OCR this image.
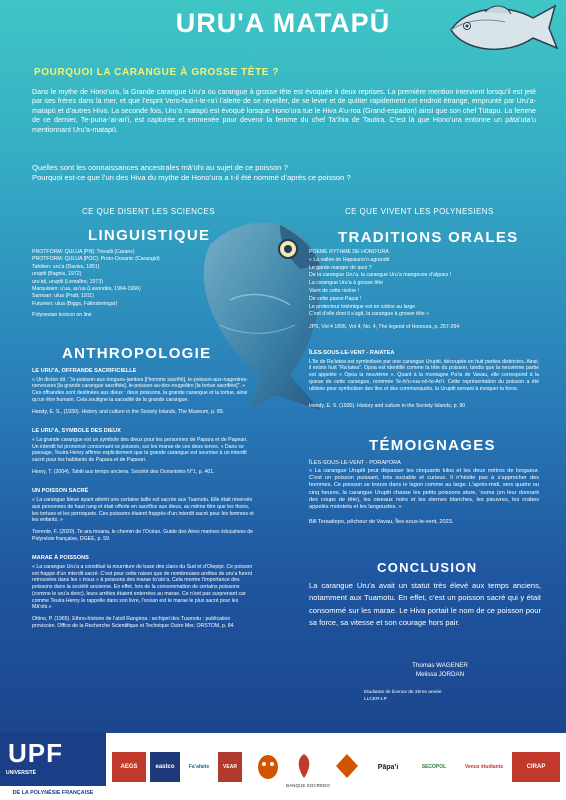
URU'A MATAPŪ
POURQUOI LA CARANGUE À GROSSE TÊTE ?
Dans le mythe de Hono’ura, la Grande carangue Uru’a ou carangue à grosse tête est évoquée à deux reprises. La première mention intervient lorsqu’il est jeté par ses frères dans la mer, et que l’esprit Vero-huti-i-te-ra’i l’alerte de se réveiller, de se lever et de quitter rapidement cet endroit étrange, emprunté par Uru’a-matapū et d’autres Hiva. La seconde fois, Uru’a matapū est évoqué lorsque Hono’ura tue le Hiva A’u-roa (Grand-espadon) ainsi que son chef Tūtapu. La femme de ce dernier, Te-puna-’ai-ari’i, est capturée et emmenée pour devenir la femme du chef Ta’ihia de Tautira. C’est là que Hono’ura entonne un pāta’uta’u mentionnant Uru’a-matapū.
Quelles sont les connaissances ancestrales mā’ohi au sujet de ce poisson ?
Pourquoi est-ce que l’un des Hiva du mythe de Hono’ura a t-il été nommé d’après ce poisson ?
CE QUE DISENT LES SCIENCES
LINGUISTIQUE
PROTFORM: QULUA [PN]: Trevalli (Caranx)
PROTFORM: QULUA [POC]: Proto-Oceanic (Carangid)
Tahitien: uru’a (Davies, 1851)
urupiti (Bagnis, 1972)
uru’ati, urupiti (Lemaître, 1973)
Marquisien: u’ua, au’ua (Lavondès, 1964-1966)
Samoan: ulua (Pratt, 1911)
Futunien: ulua (Biggs, Fältnsteringar)
Polynesian lexicon on line
ANTHROPOLOGIE
LE URU’A, OFFRANDE SACRIFICIELLE

« Un dicton dit : “le-poisson-aux-longues-jambes [l’homme sacrifié], le-poisson-aux-nageoires-nerveuses [la grande carangue sacrifiée], le-poisson-au-dos-rougeâtre [la tortue sacrifiée]”. » Ces offrandes sont destinées aux dieux : deux poissons, la grande carangue et la tortue, ainsi qu’un être humain. Cela souligne la sacralité de la grande carangue.

Handy, E. S., (1930). History and culture in the Society Islands, The Museum, p. 89.

LE URU’A, SYMBOLE DES DIEUX

« La grande carangue est un symbole des dieux pour les personnes de Papara et de Papeari. Un interdit fut prononcé concernant ce poisson, sur les marae de ces deux terres. » Dans ce passage, Teuira Henry affirme explicitement que la grande carangue est soumise à un interdit sacré pour les habitants de Papara et de Papeari.

Henry, T. (2004). Tahiti aux temps anciens. Société des Océanistes N°1, p. 401.

UN POISSON SACRÉ

« La carangue bleue ayant atteint une certaine taille est sacrée aux Tuamotu. Elle était réservée aux personnes de haut rang et était offerte en sacrifice aux dieux, au même titre que les thons, les tortues et les perroquets. Ces poissons étaient frappés d’un interdit sacré pour les femmes et les enfants. »

Torrente, F. (2020). Te ara moana, le chemin de l’Océan. Guide des Aires marines éducatives de Polynésie française, DGEE, p. 59.

MARAE À POISSONS

« La carangue Uru’a a constitué la nourriture de base des clans du Sud et d’Otepipi. Ce poisson est frappé d’un interdit sacré. C’est pour cette raison que de nombreuses arrêtes de uru’a furent retrouvées dans les « trous » à poissons des marae to’ato’a. Cela montre l’importance des poissons dans la société ancienne. En effet, lors de la consommation de certains poissons (comme le uru’a donc), leurs arrêtes étaient enterrées au marae. Ce n’est pas surprenant car comme Teuira Henry le rappelle dans son livre, l’océan est le marae le plus sacré pour les Mā’ohi.»

Ottino, P. (1965). Ethno-histoire de l’atoll Rangiroa : archipel des Tuamotu : publication provisoire. Office de la Recherche Scientifique et Technique Outre Mer, ORSTOM, p. 84

CE QUE VIVENT LES POLYNESIENS
TRADITIONS ORALES
POEME RYTHME DE HONO’URA
« La vallée de Hapaiano’o agrandit
Le garde-manger de quoi ?
De la carangue Uru’a, la carangue Uru’a mangeuse d’algues !
La carangue Uru’a à grosse tête
Vient de cette rivière !
De cette passe Papai !
Le protecteur totémique est en colère au large
C’est d’elle dont il s’agit, la carangue à grosse tête »
JPS, Vol 4 1895, Vol 4, No. 4, The legend of Honoura, p. 257-294
ÎLES-SOUS-LE-VENT - RAIATEA

L’île de Ra’iatea est symbolisée par une carangue Urupiti, découpée en huit parties distinctes. Ainsi, il existe huit “Ra’iatea”. Opoa est identifié comme la tête du poisson, tandis que la neuvième partie est appelée « Opoa la neuvième ». Quant à la montagne Pa’ia de Vavau, elle correspond à la queue de cette carangue, nommée Te-hi’u-rua-nō-te-Ari’i. Cette représentation du poisson a été utilisée pour symboliser des îles et des communautés, la Urupiti servant à évoquer la force.

Handy, E. S. (1930). History and culture in the Society Islands, p. 90

TÉMOIGNAGES
ÎLES-SOUS-LE-VENT - PORAPORA
« La carangue Urupiti peut dépasser les cinquante kilos et les deux mètres de longueur. C’est un poisson puissant, très sociable et curieux. Il n’hésite pas à s’approcher des hommes. Ce poisson se trouve dans le lagon comme au large. L’après-midi, vers quatre ou cinq heures, la carangue Urupiti chasse les petits poissons ature, ‘ouma (en leur donnant des coups de tête), les oiseaux noirs et les sternes blanches, les pieuvres, les crabes appelés mototeta et les langoustes. »
Bill Teraaitepo, pêcheur de Vavau, Îles-sous-le-vent, 2023.
CONCLUSION
La carangue Uru’a avait un statut très élevé aux temps anciens, notamment aux Tuamotu. En effet, c’est un poisson sacré qui y était consommé sur les marae. Le Hiva portait le nom de ce poisson pour sa force, sa vitesse et son courage hors pair.
Thomas WAGENER
Melissa JORDAN
Etudiants de licence de 3ème année
LLCER-LP
UPF
UNIVERSITÉ
DE LA POLYNÉSIE FRANÇAISE
AEGS	eastco	Fa’afaite	VEAR
BANQUE SOCREDO
Pāpa’i	SECOPOL	Venus étudiants	CIRAP
